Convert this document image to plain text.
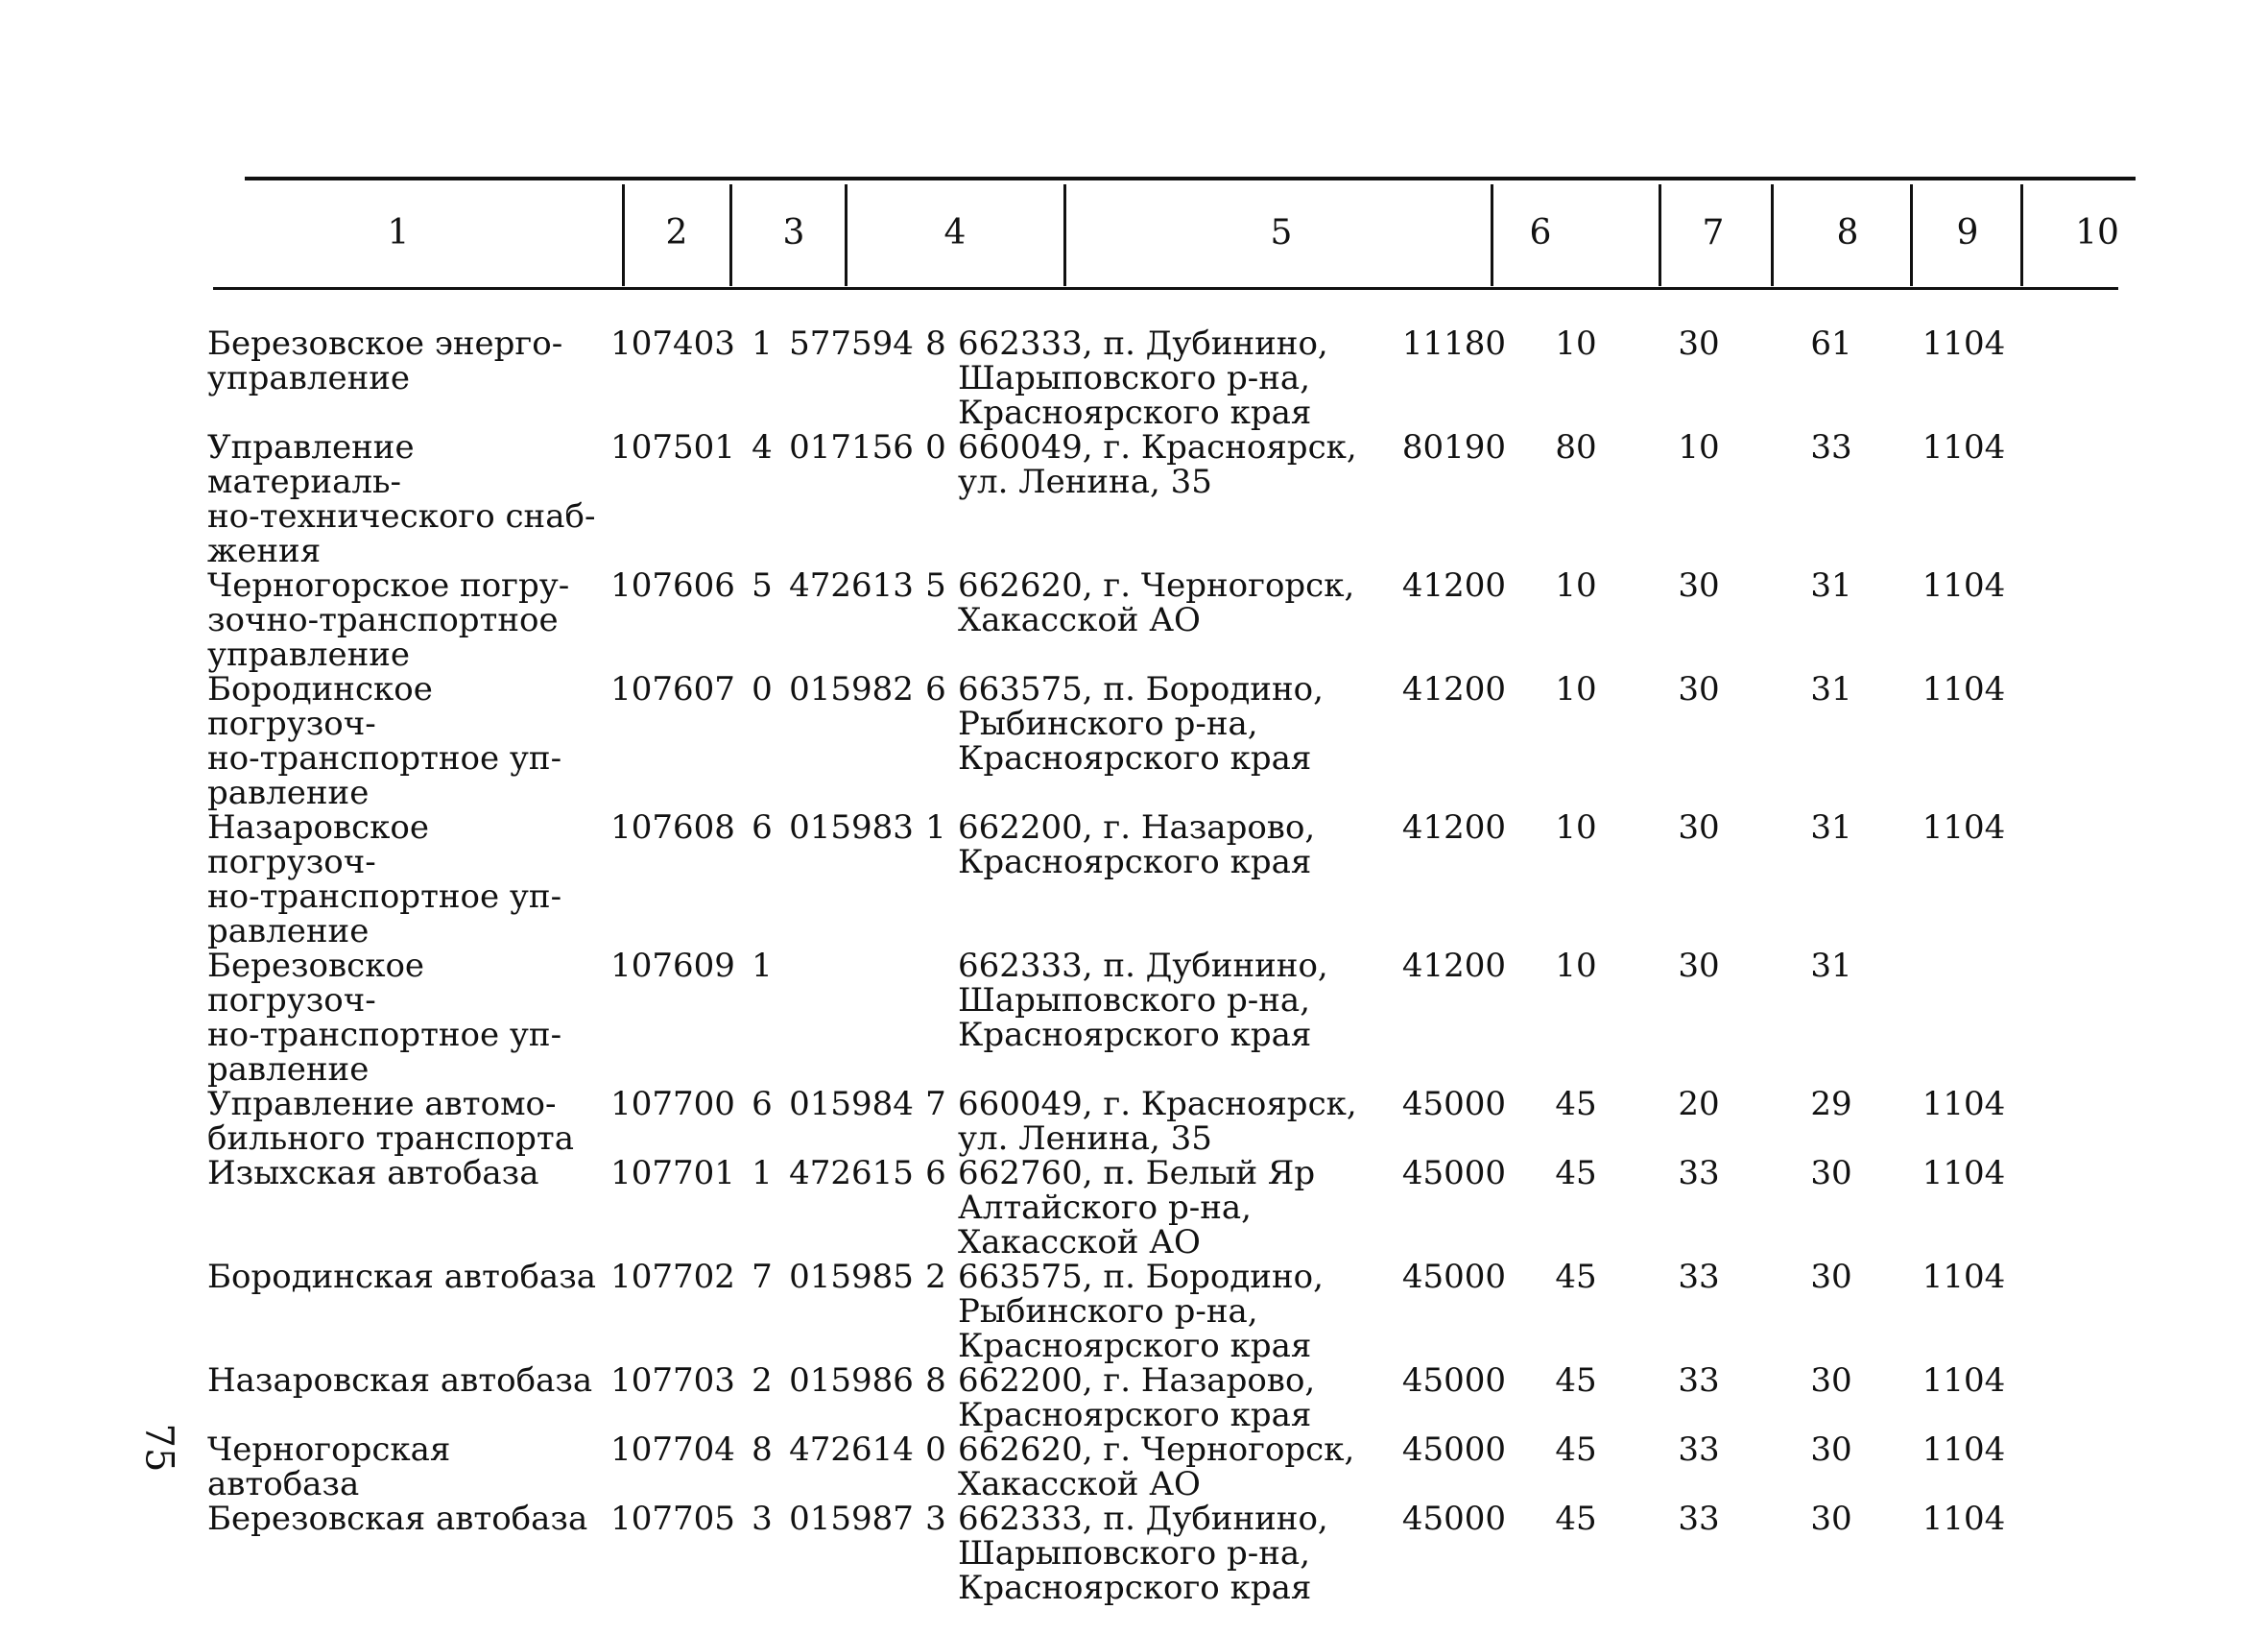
1	2	3	4	5	6	7	8	9	10
Березовское энерго-
управление	107403	1	577594	8	662333, п. Дубинино,
Шарыповского р-на,
Красноярского края	11180	10	30	61	1104
Управление материаль-
но-технического снаб-
жения	107501	4	017156	0	660049, г. Красноярск,
ул. Ленина, 35	80190	80	10	33	1104
Черногорское погру-
зочно-транспортное
управление	107606	5	472613	5	662620, г. Черногорск,
Хакасской АО	41200	10	30	31	1104
Бородинское погрузоч-
но-транспортное уп-
равление	107607	0	015982	6	663575, п. Бородино,
Рыбинского р-на,
Красноярского края	41200	10	30	31	1104
Назаровское погрузоч-
но-транспортное уп-
равление	107608	6	015983	1	662200, г. Назарово,
Красноярского края	41200	10	30	31	1104
Березовское погрузоч-
но-транспортное уп-
равление	107609	1			662333, п. Дубинино,
Шарыповского р-на,
Красноярского края	41200	10	30	31	
Управление автомо-
бильного транспорта	107700	6	015984	7	660049, г. Красноярск,
ул. Ленина, 35	45000	45	20	29	1104
Изыхская автобаза	107701	1	472615	6	662760, п. Белый Яр
Алтайского р-на,
Хакасской АО	45000	45	33	30	1104
Бородинская автобаза	107702	7	015985	2	663575, п. Бородино,
Рыбинского р-на,
Красноярского края	45000	45	33	30	1104
Назаровская автобаза	107703	2	015986	8	662200, г. Назарово,
Красноярского края	45000	45	33	30	1104
Черногорская автобаза	107704	8	472614	0	662620, г. Черногорск,
Хакасской АО	45000	45	33	30	1104
Березовская автобаза	107705	3	015987	3	662333, п. Дубинино,
Шарыповского р-на,
Красноярского края	45000	45	33	30	1104
75
